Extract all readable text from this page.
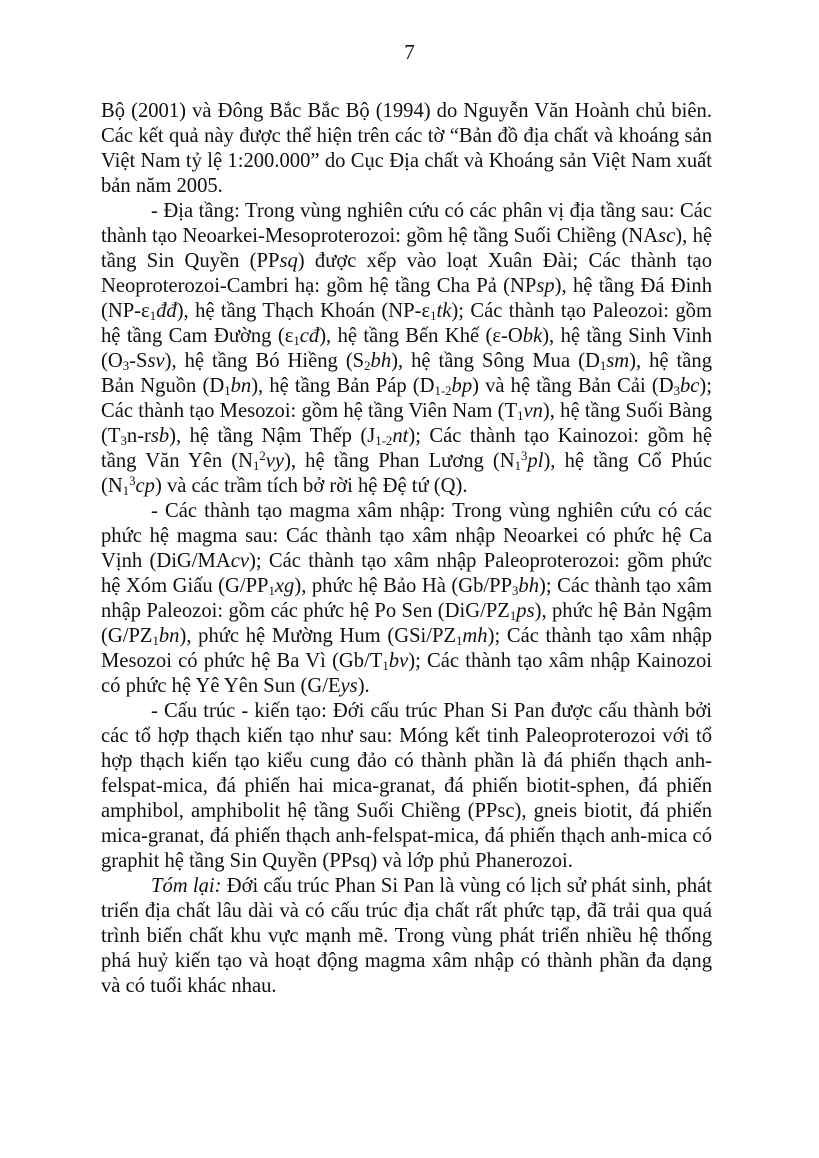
7

Bộ (2001) và Đông Bắc Bắc Bộ (1994) do Nguyễn Văn Hoành chủ biên. Các kết quả này được thể hiện trên các tờ “Bản đồ địa chất và khoáng sản Việt Nam tỷ lệ 1:200.000” do Cục Địa chất và Khoáng sản Việt Nam xuất bản năm 2005.

- Địa tầng: Trong vùng nghiên cứu có các phân vị địa tầng sau: Các thành tạo Neoarkei-Mesoproterozoi: gồm hệ tầng Suối Chiềng (NAsc), hệ tầng Sin Quyền (PPsq) được xếp vào loạt Xuân Đài; Các thành tạo Neoproterozoi-Cambri hạ: gồm hệ tầng Cha Pả (NPsp), hệ tầng Đá Đinh $(NP-\varepsilon_1đđ)$, hệ tầng Thạch Khoán $(NP-\varepsilon_1tk)$; Các thành tạo Paleozoi: gồm hệ tầng Cam Đường $(\varepsilon_1cđ)$, hệ tầng Bến Khế (ε-Obk), hệ tầng Sinh Vinh $(O_3-Ssv)$, hệ tầng Bó Hiềng $(S_2bh)$, hệ tầng Sông Mua $(D_1sm)$, hệ tầng Bản Nguồn $(D_1bn)$, hệ tầng Bản Páp $(D_{1-2}bp)$ và hệ tầng Bản Cải $(D_3bc)$; Các thành tạo Mesozoi: gồm hệ tầng Viên Nam $(T_1vn)$, hệ tầng Suối Bàng $(T_3n-rsb)$, hệ tầng Nậm Thếp $(J_{1-2}nt)$; Các thành tạo Kainozoi: gồm hệ tầng Văn Yên $(N_1^2vy)$, hệ tầng Phan Lương $(N_1^3pl)$, hệ tầng Cổ Phúc $(N_1^3cp)$ và các trầm tích bở rời hệ Đệ tứ (Q).

- Các thành tạo magma xâm nhập: Trong vùng nghiên cứu có các phức hệ magma sau: Các thành tạo xâm nhập Neoarkei có phức hệ Ca Vịnh (DiG/MAcv); Các thành tạo xâm nhập Paleoproterozoi: gồm phức hệ Xóm Giấu $(G/PP_1xg)$, phức hệ Bảo Hà $(Gb/PP_3bh)$; Các thành tạo xâm nhập Paleozoi: gồm các phức hệ Po Sen $(DiG/PZ_1ps)$, phức hệ Bản Ngậm $(G/PZ_1bn)$, phức hệ Mường Hum $(GSi/PZ_1mh)$; Các thành tạo xâm nhập Mesozoi có phức hệ Ba Vì $(Gb/T_1bv)$; Các thành tạo xâm nhập Kainozoi có phức hệ Yê Yên Sun (G/Eys).

- Cấu trúc - kiến tạo: Đới cấu trúc Phan Si Pan được cấu thành bởi các tổ hợp thạch kiến tạo như sau: Móng kết tinh Paleoproterozoi với tổ hợp thạch kiến tạo kiểu cung đảo có thành phần là đá phiến thạch anh-felspat-mica, đá phiến hai mica-granat, đá phiến biotit-sphen, đá phiến amphibol, amphibolit hệ tầng Suối Chiềng (PPsc), gneis biotit, đá phiến mica-granat, đá phiến thạch anh-felspat-mica, đá phiến thạch anh-mica có graphit hệ tầng Sin Quyền (PPsq) và lớp phủ Phanerozoi.

Tóm lại: Đới cấu trúc Phan Si Pan là vùng có lịch sử phát sinh, phát triển địa chất lâu dài và có cấu trúc địa chất rất phức tạp, đã trải qua quá trình biến chất khu vực mạnh mẽ. Trong vùng phát triển nhiều hệ thống phá huỷ kiến tạo và hoạt động magma xâm nhập có thành phần đa dạng và có tuổi khác nhau.
